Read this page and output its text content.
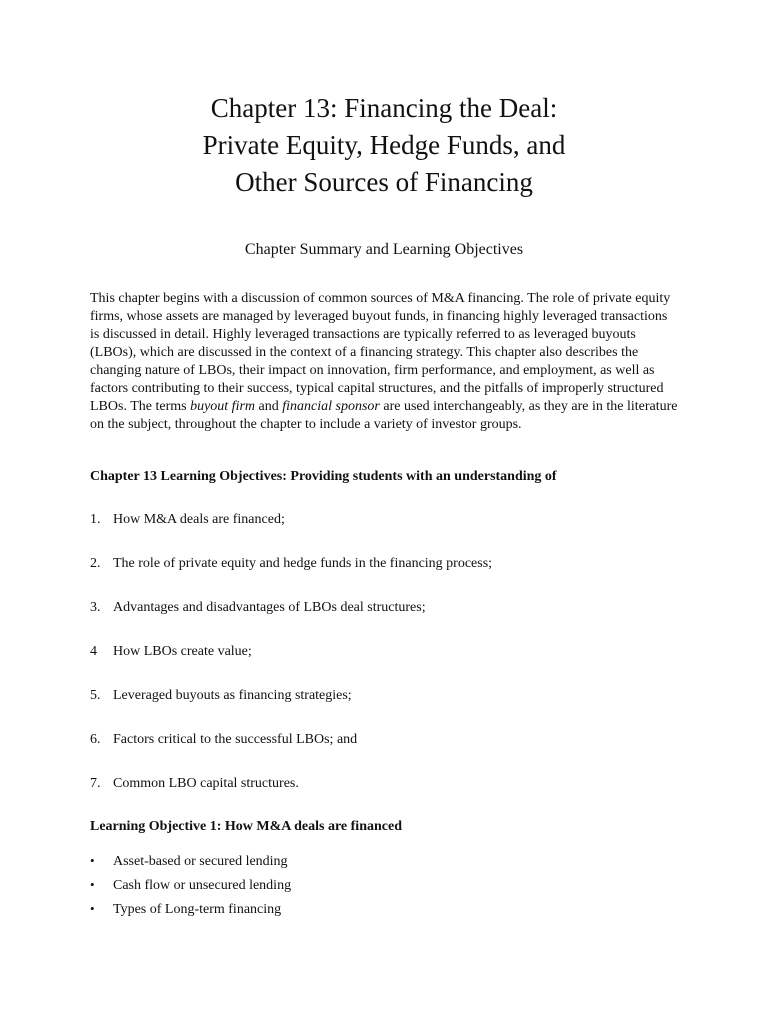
Chapter 13: Financing the Deal:
Private Equity, Hedge Funds, and
Other Sources of Financing
Chapter Summary and Learning Objectives

This chapter begins with a discussion of common sources of M&A financing. The role of private equity firms, whose assets are managed by leveraged buyout funds, in financing highly leveraged transactions is discussed in detail. Highly leveraged transactions are typically referred to as leveraged buyouts (LBOs), which are discussed in the context of a financing strategy. This chapter also describes the changing nature of LBOs, their impact on innovation, firm performance, and employment, as well as factors contributing to their success, typical capital structures, and the pitfalls of improperly structured LBOs. The terms buyout firm and financial sponsor are used interchangeably, as they are in the literature on the subject, throughout the chapter to include a variety of investor groups.

Chapter 13 Learning Objectives: Providing students with an understanding of

1. How M&A deals are financed;
2. The role of private equity and hedge funds in the financing process;
3. Advantages and disadvantages of LBOs deal structures;
4 How LBOs create value;
5. Leveraged buyouts as financing strategies;
6. Factors critical to the successful LBOs; and
7. Common LBO capital structures.

Learning Objective 1: How M&A deals are financed

• Asset-based or secured lending
• Cash flow or unsecured lending
• Types of Long-term financing
